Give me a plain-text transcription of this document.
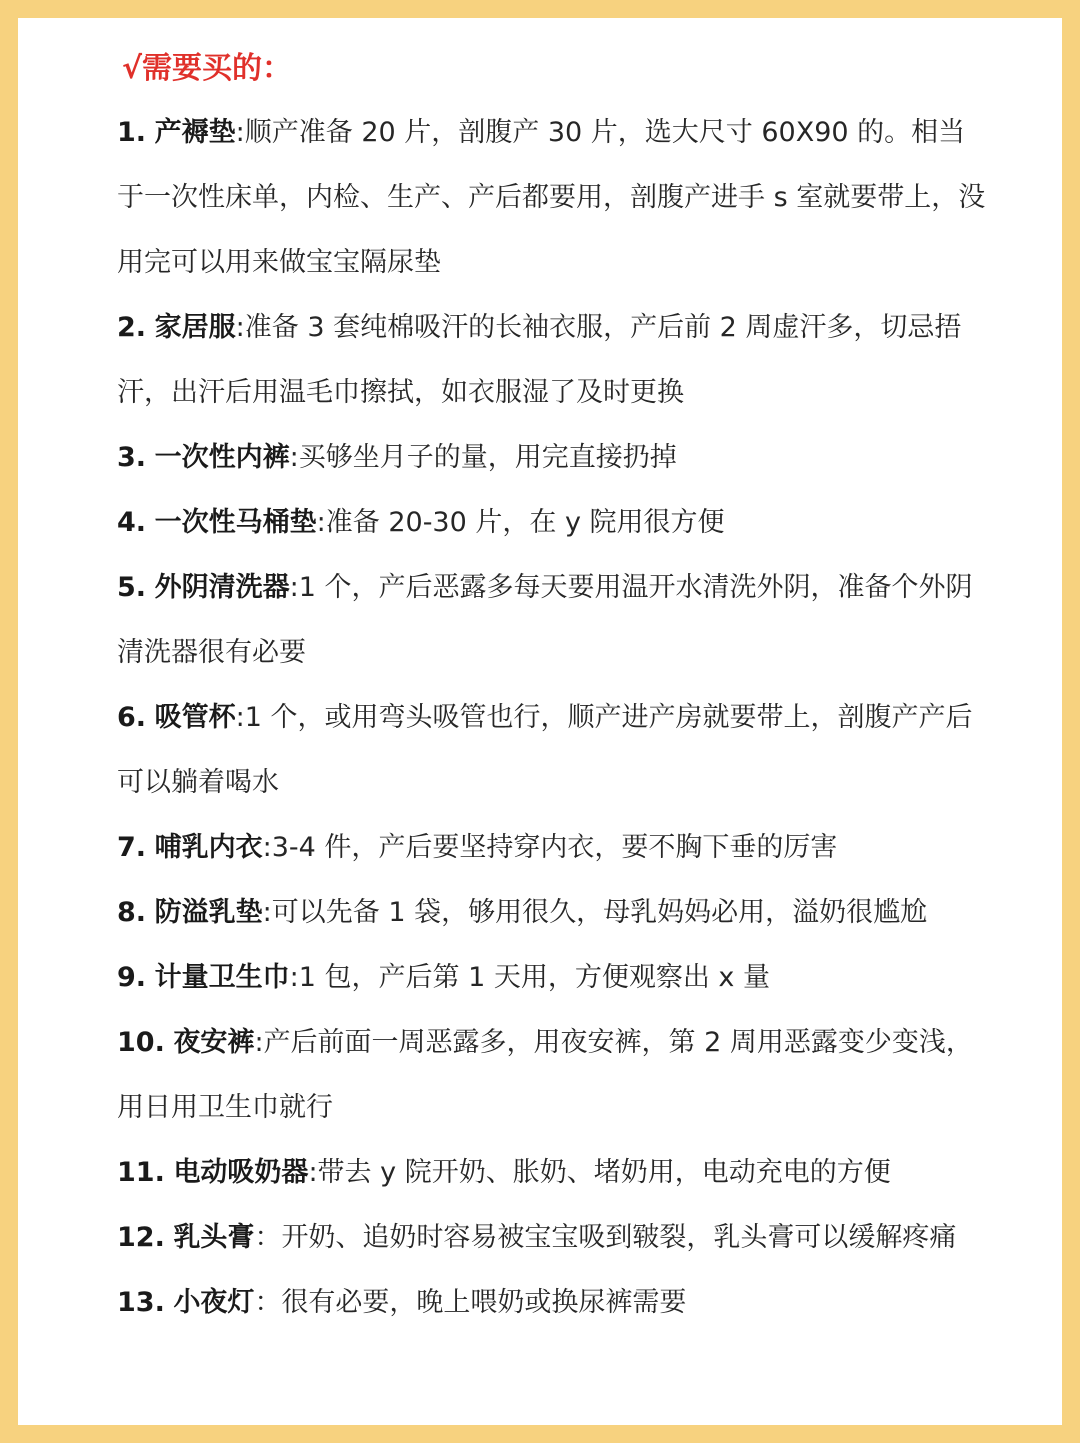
√需要买的：
1. 产褥垫:顺产准备 20 片，剖腹产 30 片，选大尺寸 60X90 的。相当于一次性床单，内检、生产、产后都要用，剖腹产进手 s 室就要带上，没用完可以用来做宝宝隔尿垫
2. 家居服:准备 3 套纯棉吸汗的长袖衣服，产后前 2 周虚汗多，切忌捂汗，出汗后用温毛巾擦拭，如衣服湿了及时更换
3. 一次性内裤:买够坐月子的量，用完直接扔掉
4. 一次性马桶垫:准备 20-30 片，在 y 院用很方便
5. 外阴清洗器:1 个，产后恶露多每天要用温开水清洗外阴，准备个外阴清洗器很有必要
6. 吸管杯:1 个，或用弯头吸管也行，顺产进产房就要带上，剖腹产产后可以躺着喝水
7. 哺乳内衣:3-4 件，产后要坚持穿内衣，要不胸下垂的厉害
8. 防溢乳垫:可以先备 1 袋，够用很久，母乳妈妈必用，溢奶很尴尬
9. 计量卫生巾:1 包，产后第 1 天用，方便观察出 x 量
10. 夜安裤:产后前面一周恶露多，用夜安裤，第 2 周用恶露变少变浅，用日用卫生巾就行
11. 电动吸奶器:带去 y 院开奶、胀奶、堵奶用，电动充电的方便
12. 乳头膏：开奶、追奶时容易被宝宝吸到皲裂，乳头膏可以缓解疼痛
13. 小夜灯：很有必要，晚上喂奶或换尿裤需要
